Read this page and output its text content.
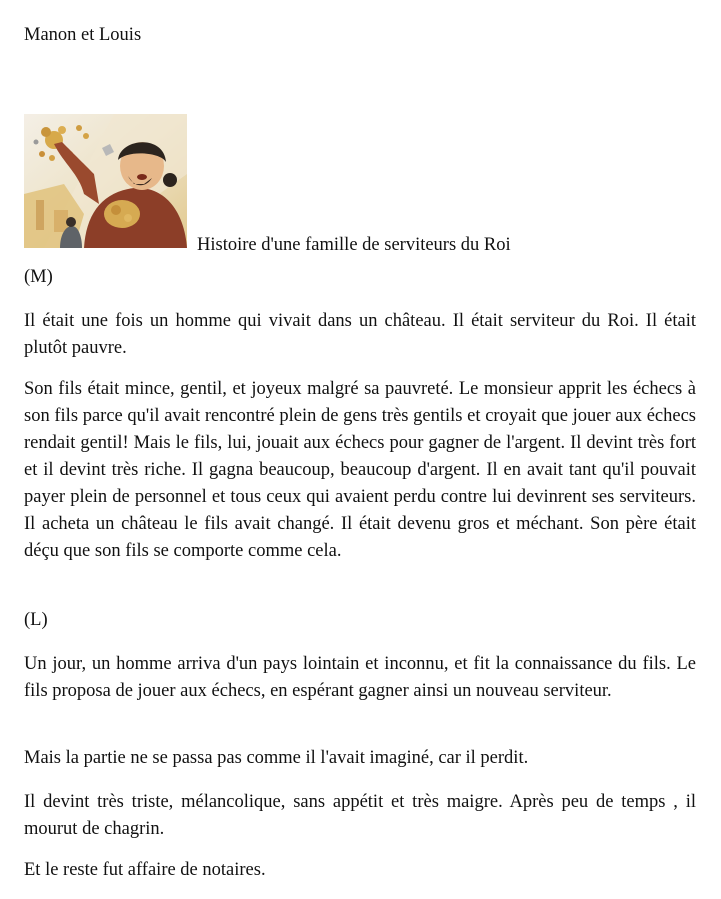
Manon et Louis
Histoire d'une famille de serviteurs du Roi

(M)

Il était une fois un homme qui vivait dans un château. Il était serviteur du Roi. Il était plutôt pauvre.

Son fils était mince, gentil, et joyeux malgré sa pauvreté. Le monsieur apprit les échecs à son fils parce qu'il avait rencontré plein de gens très gentils et croyait que jouer aux échecs rendait gentil! Mais le fils, lui, jouait aux échecs pour gagner de l'argent. Il devint très fort et il devint très riche. Il gagna beaucoup, beaucoup d'argent. Il en avait tant qu'il pouvait payer plein de personnel et tous ceux qui avaient perdu contre lui devinrent ses serviteurs. Il acheta un château le fils avait changé. Il était devenu gros et méchant. Son père était déçu que son fils se comporte comme cela.

(L)

Un jour, un homme arriva d'un pays lointain et inconnu, et fit la connaissance du fils. Le fils proposa de jouer aux échecs, en espérant gagner ainsi un nouveau serviteur.

Mais la partie ne se passa pas comme il l'avait imaginé, car il perdit.

Il devint très triste, mélancolique, sans appétit et très maigre. Après peu de temps , il mourut de chagrin.

Et le reste fut affaire de notaires.
